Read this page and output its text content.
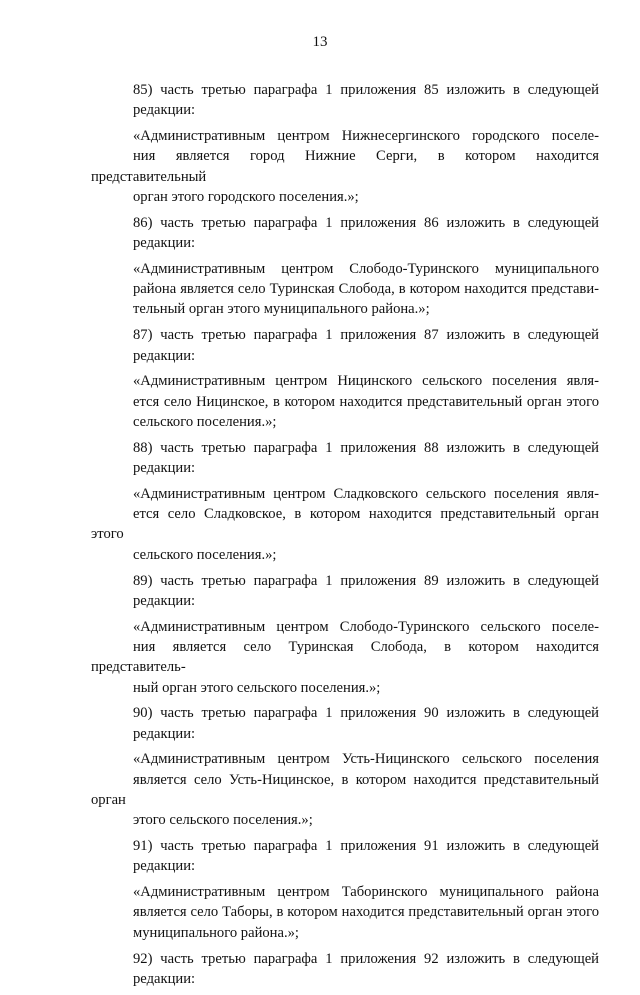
13
85) часть третью параграфа 1 приложения 85 изложить в следующей
редакции:
«Административным центром Нижнесергинского городского поселе-
ния является город Нижние Серги, в котором находится представительный
орган этого городского поселения.»;
86) часть третью параграфа 1 приложения 86 изложить в следующей
редакции:
«Административным центром Слободо-Туринского муниципального
района является село Туринская Слобода, в котором находится представи-
тельный орган этого муниципального района.»;
87) часть третью параграфа 1 приложения 87 изложить в следующей
редакции:
«Административным центром Ницинского сельского поселения явля-
ется село Ницинское, в котором находится представительный орган этого
сельского поселения.»;
88) часть третью параграфа 1 приложения 88 изложить в следующей
редакции:
«Административным центром Сладковского сельского поселения явля-
ется село Сладковское, в котором находится представительный орган этого
сельского поселения.»;
89) часть третью параграфа 1 приложения 89 изложить в следующей
редакции:
«Административным центром Слободо-Туринского сельского поселе-
ния является село Туринская Слобода, в котором находится представитель-
ный орган этого сельского поселения.»;
90) часть третью параграфа 1 приложения 90 изложить в следующей
редакции:
«Административным центром Усть-Ницинского сельского поселения
является село Усть-Ницинское, в котором находится представительный орган
этого сельского поселения.»;
91) часть третью параграфа 1 приложения 91 изложить в следующей
редакции:
«Административным центром Таборинского муниципального района
является село Таборы, в котором находится представительный орган этого
муниципального района.»;
92) часть третью параграфа 1 приложения 92 изложить в следующей
редакции:
